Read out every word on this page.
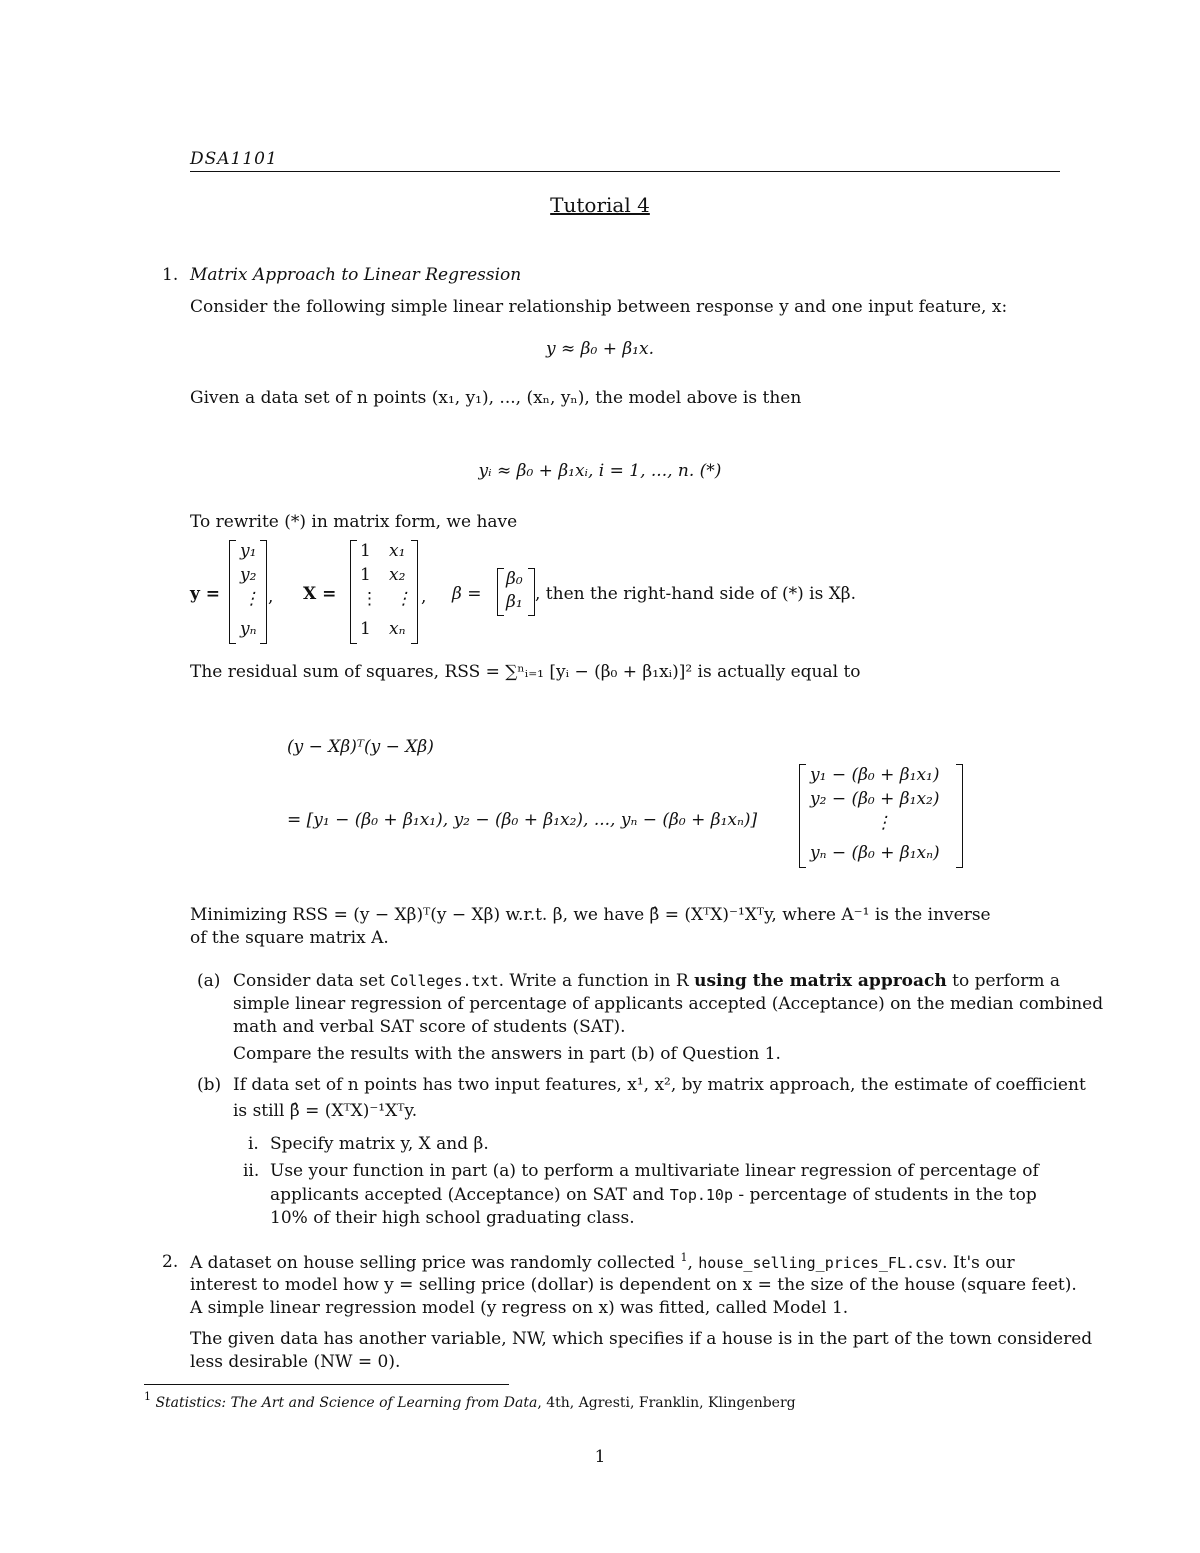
DSA1101
Tutorial 4
1. Matrix Approach to Linear Regression
Consider the following simple linear relationship between response y and one input feature, x:
y ≈ β₀ + β₁x.
Given a data set of n points (x₁, y₁), ..., (xₙ, yₙ), the model above is then
yᵢ ≈ β₀ + β₁xᵢ, i = 1, ..., n. (*)
To rewrite (*) in matrix form, we have
y =
y₁
y₂
⋮
yₙ
, X =
1
1
⋮
1
x₁
x₂
⋮
xₙ
, β =
β₀
β₁ , then the right-hand side of (*) is Xβ.
The residual sum of squares, RSS = ∑ⁿᵢ₌₁ [yᵢ − (β₀ + β₁xᵢ)]² is actually equal to
(y − Xβ)ᵀ(y − Xβ)
= [y₁ − (β₀ + β₁x₁), y₂ − (β₀ + β₁x₂), ..., yₙ − (β₀ + β₁xₙ)]
y₁ − (β₀ + β₁x₁)
y₂ − (β₀ + β₁x₂)
⋮
yₙ − (β₀ + β₁xₙ)
Minimizing RSS = (y − Xβ)ᵀ(y − Xβ) w.r.t. β, we have β̂ = (XᵀX)⁻¹Xᵀy, where A⁻¹ is the inverse
of the square matrix A.
(a) Consider data set Colleges.txt. Write a function in R using the matrix approach to perform a
simple linear regression of percentage of applicants accepted (Acceptance) on the median combined
math and verbal SAT score of students (SAT).
Compare the results with the answers in part (b) of Question 1.
(b) If data set of n points has two input features, x¹, x², by matrix approach, the estimate of coefficient
is still β̂ = (XᵀX)⁻¹Xᵀy.
i. Specify matrix y, X and β.
ii. Use your function in part (a) to perform a multivariate linear regression of percentage of
applicants accepted (Acceptance) on SAT and Top.10p - percentage of students in the top
10% of their high school graduating class.
2. A dataset on house selling price was randomly collected $^1$, house_selling_prices_FL.csv. It's our
interest to model how y = selling price (dollar) is dependent on x = the size of the house (square feet).
A simple linear regression model (y regress on x) was fitted, called Model 1.
The given data has another variable, NW, which specifies if a house is in the part of the town considered
less desirable (NW = 0).
$^1$ Statistics: The Art and Science of Learning from Data, 4th, Agresti, Franklin, Klingenberg
1
